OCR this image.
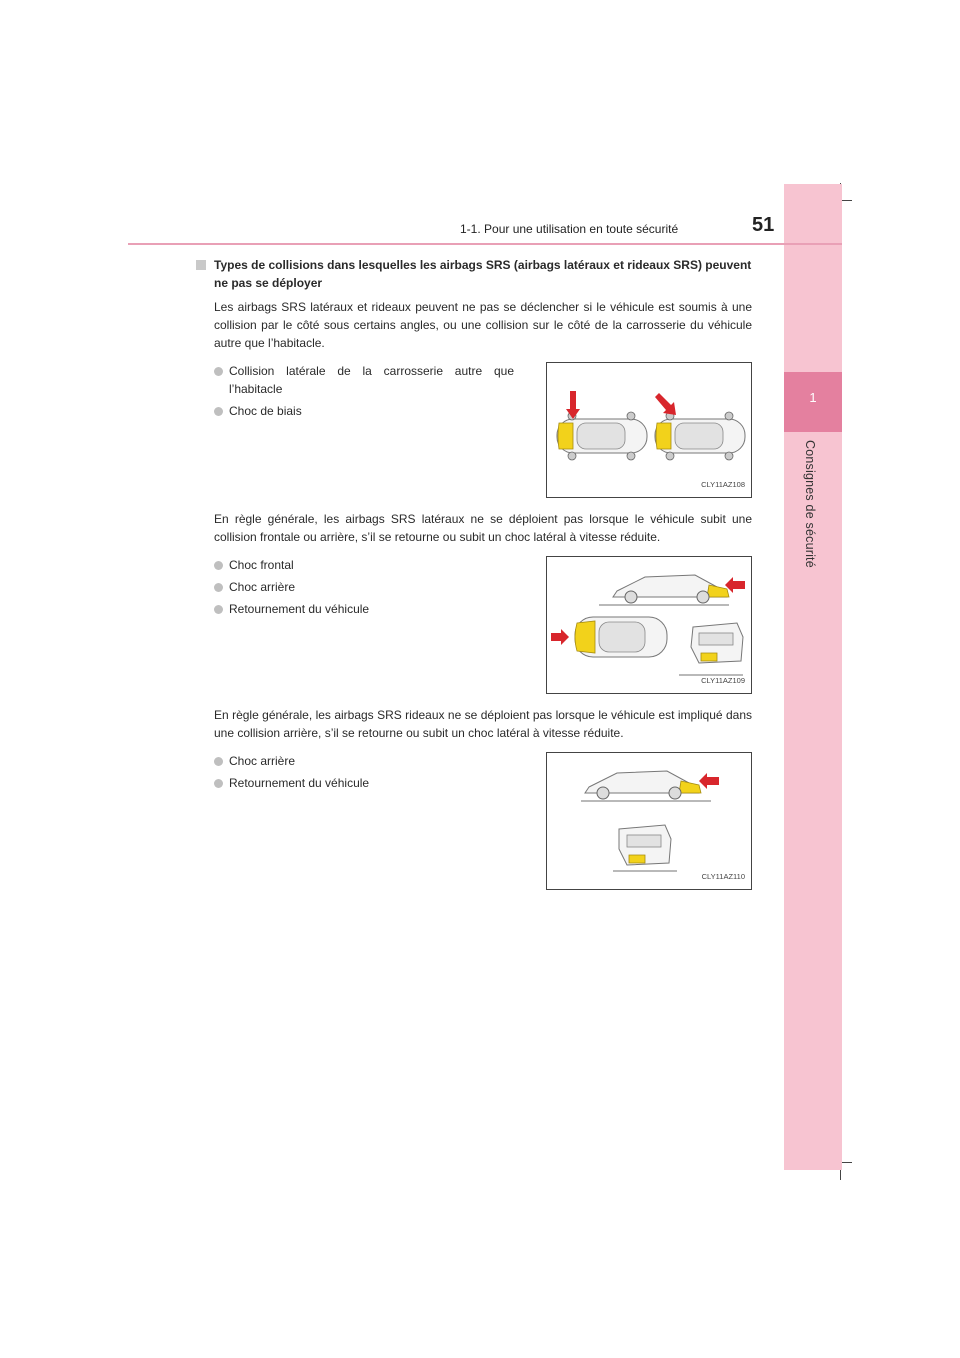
1
Consignes de sécurité
1-1. Pour une utilisation en toute sécurité	51
Types de collisions dans lesquelles les airbags SRS (airbags latéraux et rideaux SRS) peuvent ne pas se déployer
Les airbags SRS latéraux et rideaux peuvent ne pas se déclencher si le véhicule est soumis à une collision par le côté sous certains angles, ou une collision sur le côté de la carrosserie du véhicule autre que l’habitacle.
Collision latérale de la carrosserie autre que l’habitacle
Choc de biais
CLY11AZ108
En règle générale, les airbags SRS latéraux ne se déploient pas lorsque le véhicule subit une collision frontale ou arrière, s’il se retourne ou subit un choc latéral à vitesse réduite.
Choc frontal
Choc arrière
Retournement du véhicule
CLY11AZ109
En règle générale, les airbags SRS rideaux ne se déploient pas lorsque le véhicule est impliqué dans une collision arrière, s’il se retourne ou subit un choc latéral à vitesse réduite.
Choc arrière
Retournement du véhicule
CLY11AZ110
